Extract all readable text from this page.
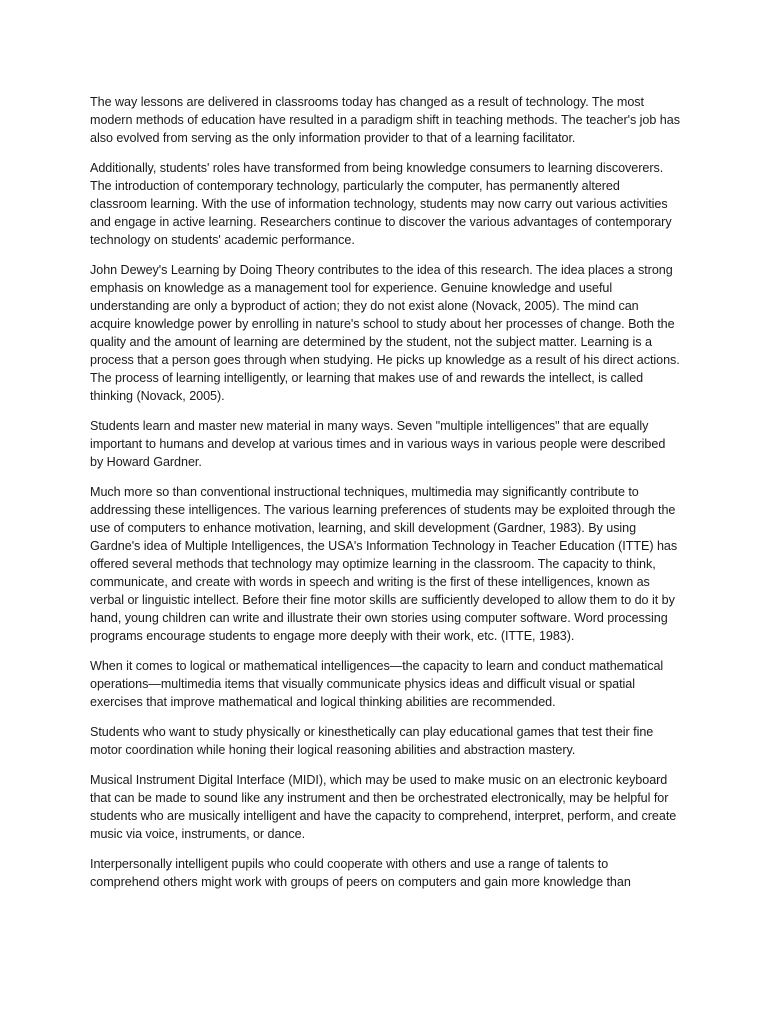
The way lessons are delivered in classrooms today has changed as a result of technology. The most modern methods of education have resulted in a paradigm shift in teaching methods. The teacher's job has also evolved from serving as the only information provider to that of a learning facilitator.

Additionally, students' roles have transformed from being knowledge consumers to learning discoverers. The introduction of contemporary technology, particularly the computer, has permanently altered classroom learning. With the use of information technology, students may now carry out various activities and engage in active learning. Researchers continue to discover the various advantages of contemporary technology on students' academic performance.

John Dewey's Learning by Doing Theory contributes to the idea of this research. The idea places a strong emphasis on knowledge as a management tool for experience. Genuine knowledge and useful understanding are only a byproduct of action; they do not exist alone (Novack, 2005). The mind can acquire knowledge power by enrolling in nature's school to study about her processes of change. Both the quality and the amount of learning are determined by the student, not the subject matter. Learning is a process that a person goes through when studying. He picks up knowledge as a result of his direct actions. The process of learning intelligently, or learning that makes use of and rewards the intellect, is called thinking (Novack, 2005).

Students learn and master new material in many ways. Seven "multiple intelligences" that are equally important to humans and develop at various times and in various ways in various people were described by Howard Gardner.

Much more so than conventional instructional techniques, multimedia may significantly contribute to addressing these intelligences. The various learning preferences of students may be exploited through the use of computers to enhance motivation, learning, and skill development (Gardner, 1983). By using Gardne's idea of Multiple Intelligences, the USA's Information Technology in Teacher Education (ITTE) has offered several methods that technology may optimize learning in the classroom. The capacity to think, communicate, and create with words in speech and writing is the first of these intelligences, known as verbal or linguistic intellect. Before their fine motor skills are sufficiently developed to allow them to do it by hand, young children can write and illustrate their own stories using computer software. Word processing programs encourage students to engage more deeply with their work, etc. (ITTE, 1983).

When it comes to logical or mathematical intelligences—the capacity to learn and conduct mathematical operations—multimedia items that visually communicate physics ideas and difficult visual or spatial exercises that improve mathematical and logical thinking abilities are recommended.

Students who want to study physically or kinesthetically can play educational games that test their fine motor coordination while honing their logical reasoning abilities and abstraction mastery.

Musical Instrument Digital Interface (MIDI), which may be used to make music on an electronic keyboard that can be made to sound like any instrument and then be orchestrated electronically, may be helpful for students who are musically intelligent and have the capacity to comprehend, interpret, perform, and create music via voice, instruments, or dance.

Interpersonally intelligent pupils who could cooperate with others and use a range of talents to comprehend others might work with groups of peers on computers and gain more knowledge than
